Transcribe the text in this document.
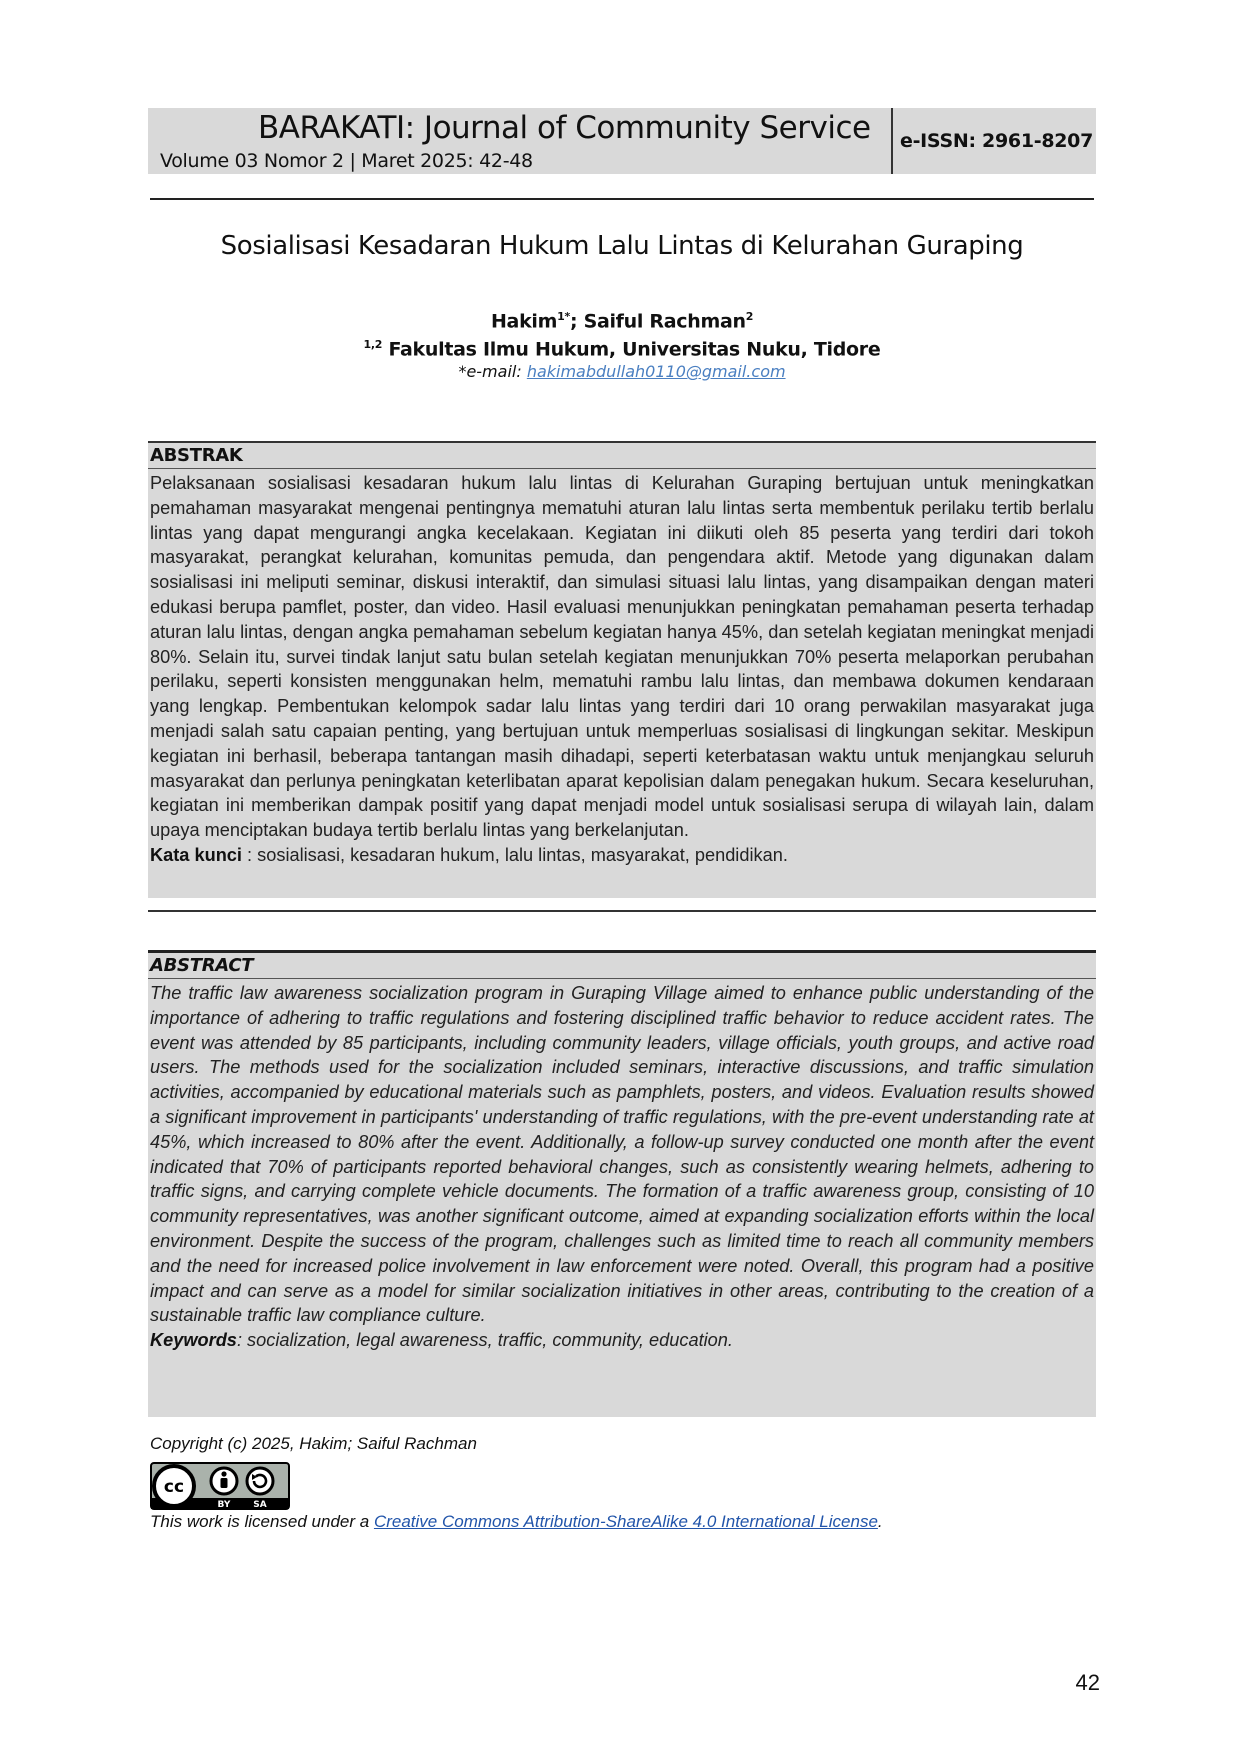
BARAKATI: Journal of Community Service
Volume 03 Nomor 2 | Maret 2025: 42-48
e-ISSN: 2961-8207
Sosialisasi Kesadaran Hukum Lalu Lintas di Kelurahan Guraping
Hakim$^{1*}$; Saiful Rachman$^2$
$^{1,2}$ Fakultas Ilmu Hukum, Universitas Nuku, Tidore
*e-mail: hakimabdullah0110@gmail.com
ABSTRAK
Pelaksanaan sosialisasi kesadaran hukum lalu lintas di Kelurahan Guraping bertujuan untuk meningkatkan pemahaman masyarakat mengenai pentingnya mematuhi aturan lalu lintas serta membentuk perilaku tertib berlalu lintas yang dapat mengurangi angka kecelakaan. Kegiatan ini diikuti oleh 85 peserta yang terdiri dari tokoh masyarakat, perangkat kelurahan, komunitas pemuda, dan pengendara aktif. Metode yang digunakan dalam sosialisasi ini meliputi seminar, diskusi interaktif, dan simulasi situasi lalu lintas, yang disampaikan dengan materi edukasi berupa pamflet, poster, dan video. Hasil evaluasi menunjukkan peningkatan pemahaman peserta terhadap aturan lalu lintas, dengan angka pemahaman sebelum kegiatan hanya 45%, dan setelah kegiatan meningkat menjadi 80%. Selain itu, survei tindak lanjut satu bulan setelah kegiatan menunjukkan 70% peserta melaporkan perubahan perilaku, seperti konsisten menggunakan helm, mematuhi rambu lalu lintas, dan membawa dokumen kendaraan yang lengkap. Pembentukan kelompok sadar lalu lintas yang terdiri dari 10 orang perwakilan masyarakat juga menjadi salah satu capaian penting, yang bertujuan untuk memperluas sosialisasi di lingkungan sekitar. Meskipun kegiatan ini berhasil, beberapa tantangan masih dihadapi, seperti keterbatasan waktu untuk menjangkau seluruh masyarakat dan perlunya peningkatan keterlibatan aparat kepolisian dalam penegakan hukum. Secara keseluruhan, kegiatan ini memberikan dampak positif yang dapat menjadi model untuk sosialisasi serupa di wilayah lain, dalam upaya menciptakan budaya tertib berlalu lintas yang berkelanjutan.
Kata kunci : sosialisasi, kesadaran hukum, lalu lintas, masyarakat, pendidikan.
ABSTRACT
The traffic law awareness socialization program in Guraping Village aimed to enhance public understanding of the importance of adhering to traffic regulations and fostering disciplined traffic behavior to reduce accident rates. The event was attended by 85 participants, including community leaders, village officials, youth groups, and active road users. The methods used for the socialization included seminars, interactive discussions, and traffic simulation activities, accompanied by educational materials such as pamphlets, posters, and videos. Evaluation results showed a significant improvement in participants' understanding of traffic regulations, with the pre-event understanding rate at 45%, which increased to 80% after the event. Additionally, a follow-up survey conducted one month after the event indicated that 70% of participants reported behavioral changes, such as consistently wearing helmets, adhering to traffic signs, and carrying complete vehicle documents. The formation of a traffic awareness group, consisting of 10 community representatives, was another significant outcome, aimed at expanding socialization efforts within the local environment. Despite the success of the program, challenges such as limited time to reach all community members and the need for increased police involvement in law enforcement were noted. Overall, this program had a positive impact and can serve as a model for similar socialization initiatives in other areas, contributing to the creation of a sustainable traffic law compliance culture.
Keywords: socialization, legal awareness, traffic, community, education.
Copyright (c) 2025, Hakim; Saiful Rachman
cc
BY	SA
This work is licensed under a Creative Commons Attribution-ShareAlike 4.0 International License.
42
